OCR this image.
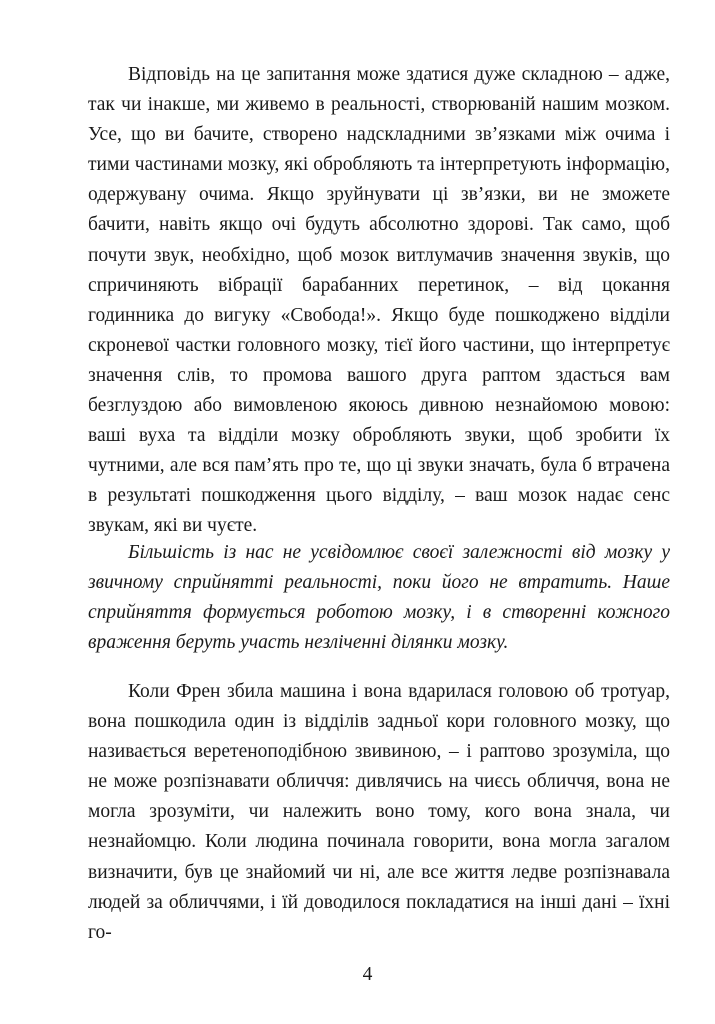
Відповідь на це запитання може здатися дуже складною – адже, так чи інакше, ми живемо в реальності, створюваній нашим мозком. Усе, що ви бачите, створено надскладними зв’язками між очима і тими частинами мозку, які обробляють та інтерпретують інформацію, одержувану очима. Якщо зруйнувати ці зв’язки, ви не зможете бачити, навіть якщо очі будуть абсолютно здорові. Так само, щоб почути звук, необхідно, щоб мозок витлумачив значення звуків, що спричиняють вібрації барабанних перетинок, – від цокання годинника до вигуку «Свобода!». Якщо буде пошкоджено відділи скроневої частки головного мозку, тієї його частини, що інтерпретує значення слів, то промова вашого друга раптом здасться вам безглуздою або вимовленою якоюсь дивною незнайомою мовою: ваші вуха та відділи мозку обробляють звуки, щоб зробити їх чутними, але вся пам’ять про те, що ці звуки значать, була б втрачена в результаті пошкодження цього відділу, – ваш мозок надає сенс звукам, які ви чуєте.

Більшість із нас не усвідомлює своєї залежності від мозку у звичному сприйнятті реальності, поки його не втратить. Наше сприйняття формується роботою мозку, і в створенні кожного враження беруть участь незліченні ділянки мозку.

Коли Френ збила машина і вона вдарилася головою об тротуар, вона пошкодила один із відділів задньої кори головного мозку, що називається веретеноподібною звивиною, – і раптово зрозуміла, що не може розпізнавати обличчя: дивлячись на чиєсь обличчя, вона не могла зрозуміти, чи належить воно тому, кого вона знала, чи незнайомцю. Коли людина починала говорити, вона могла загалом визначити, був це знайомий чи ні, але все життя ледве розпізнавала людей за обличчями, і їй доводилося покладатися на інші дані – їхні го-

4
